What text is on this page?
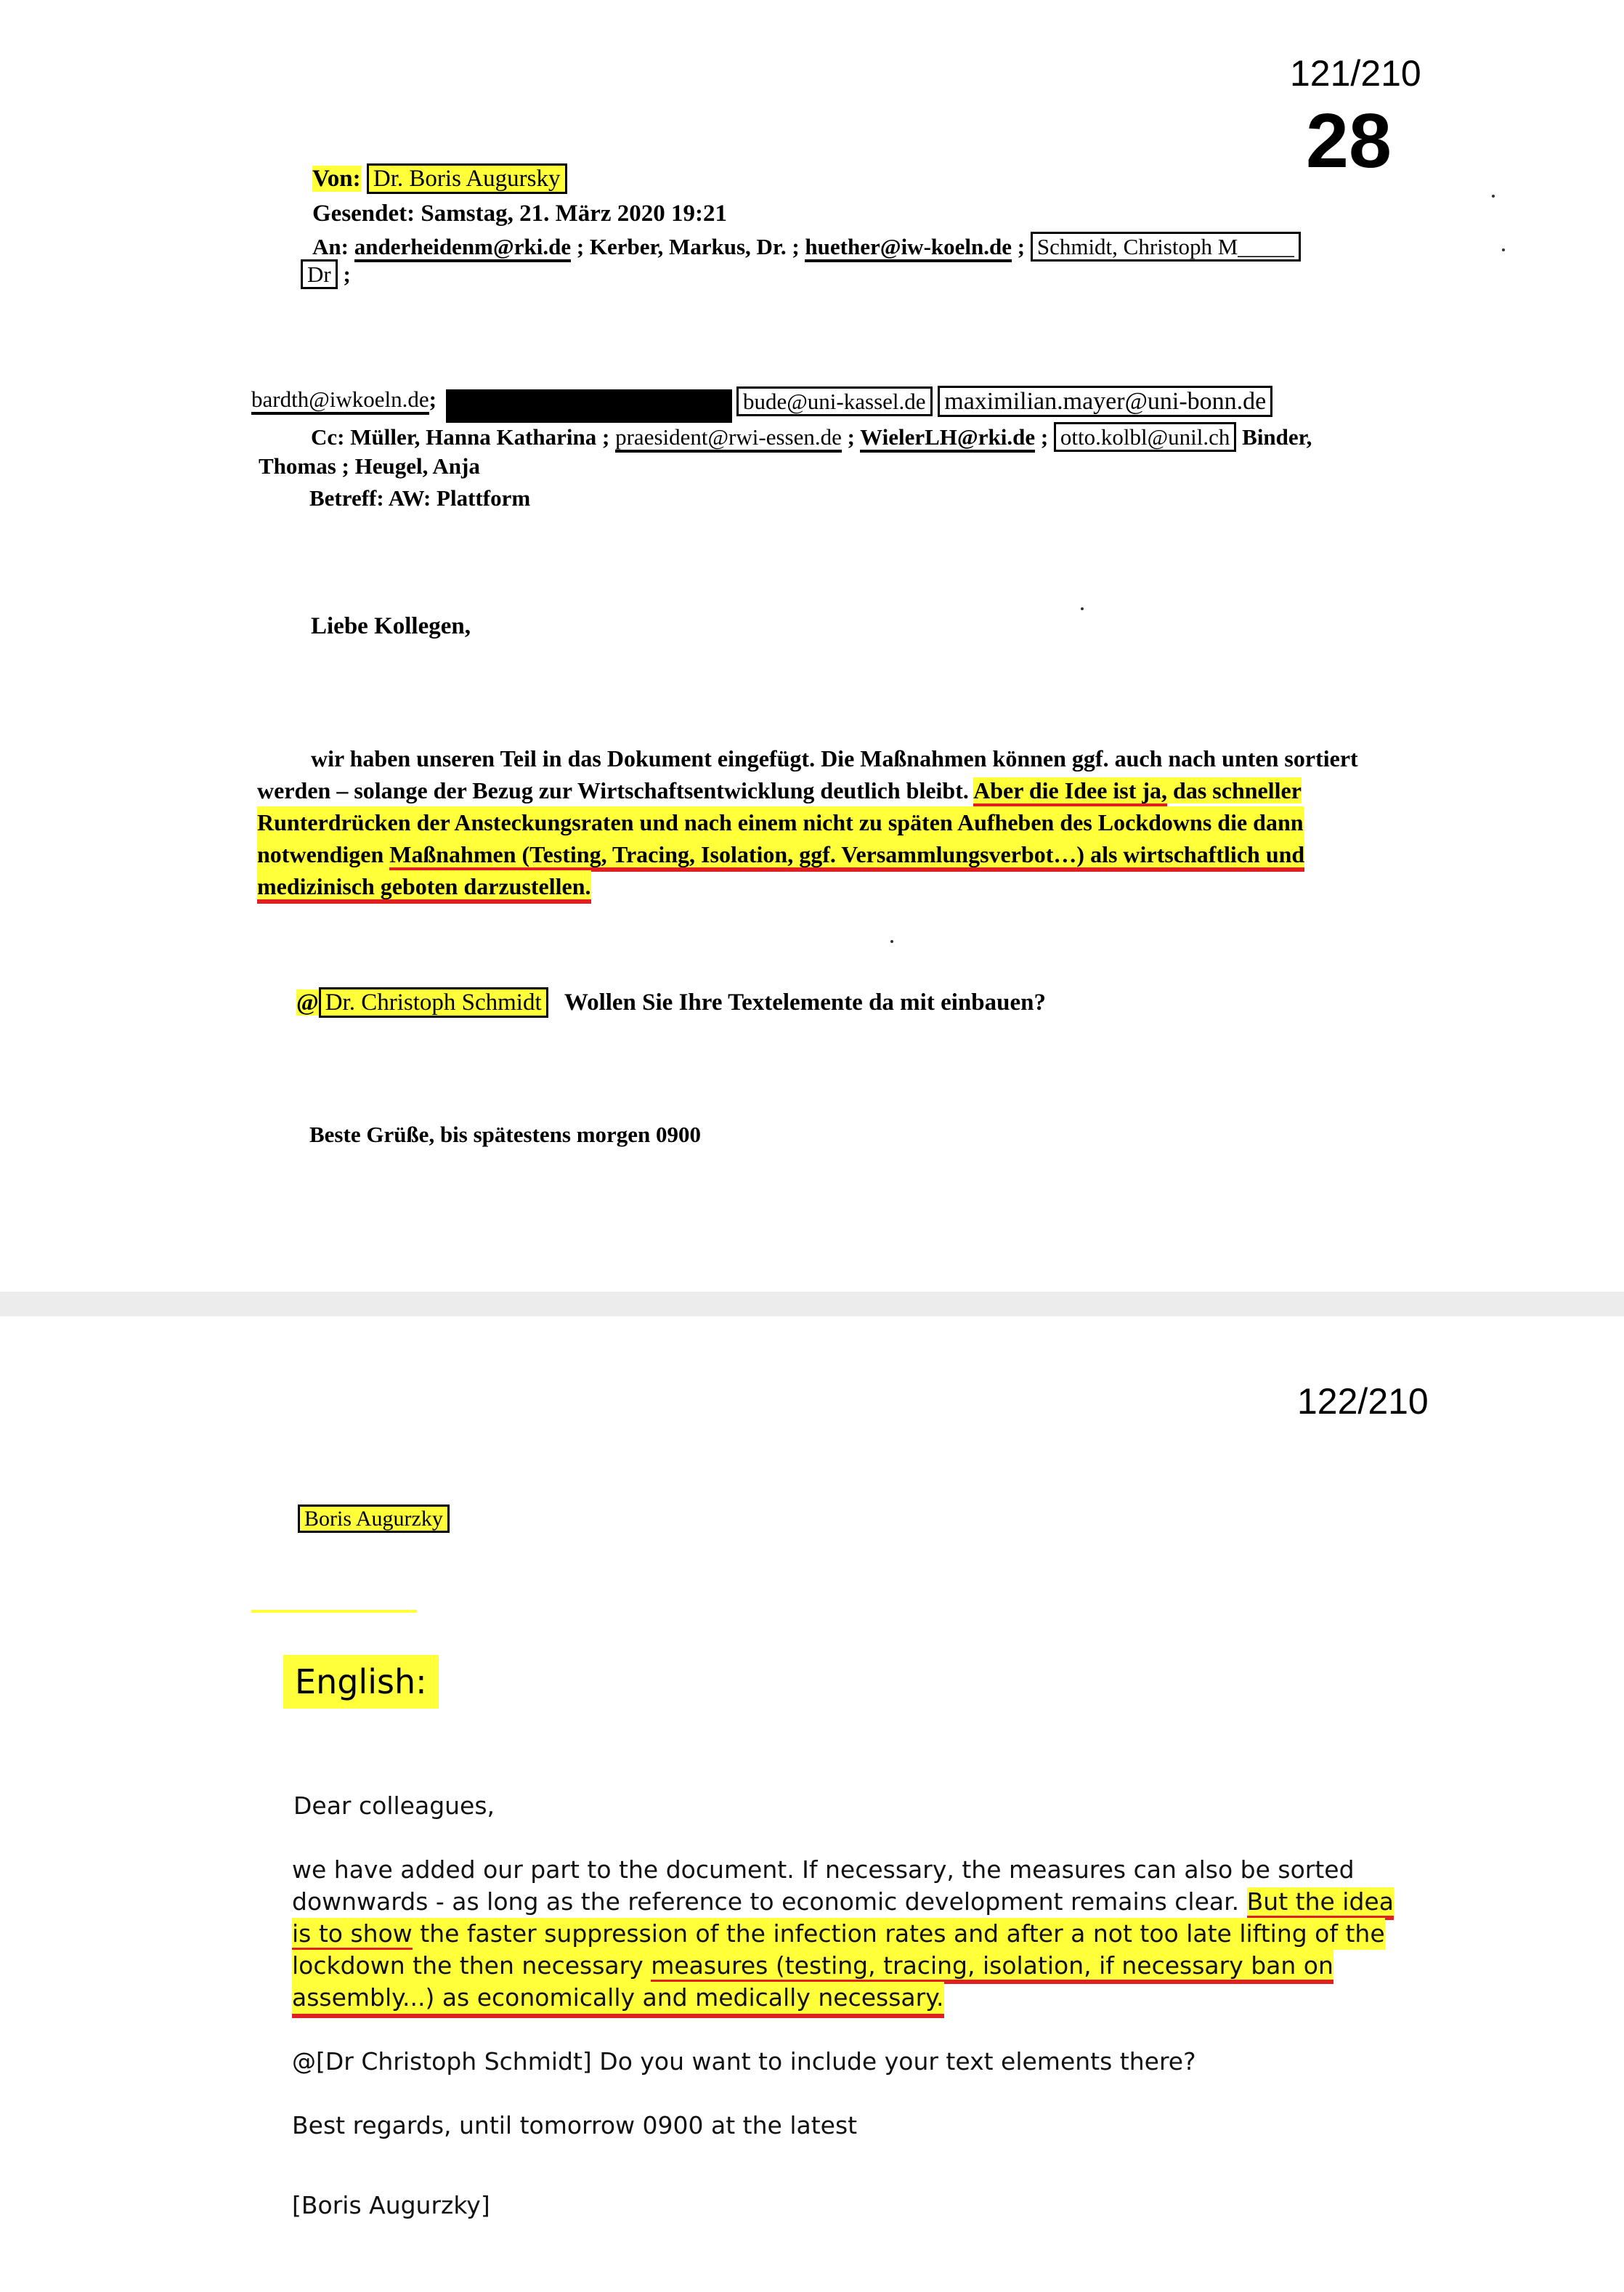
121/210
28
Von: Dr. Boris Augursky
Gesendet: Samstag, 21. März 2020 19:21
An: anderheidenm@rki.de ; Kerber, Markus, Dr. ; huether@iw-koeln.de ; Schmidt, Christoph M_____
Dr ;
bardth@iwkoeln.de;	bude@uni-kassel.de maximilian.mayer@uni-bonn.de
Cc: Müller, Hanna Katharina ; praesident@rwi-essen.de ; WielerLH@rki.de ; otto.kolbl@unil.ch Binder,
Thomas ; Heugel, Anja
Betreff: AW: Plattform
Liebe Kollegen,
wir haben unseren Teil in das Dokument eingefügt. Die Maßnahmen können ggf. auch nach unten sortiert
werden – solange der Bezug zur Wirtschaftsentwicklung deutlich bleibt. Aber die Idee ist ja, das schneller
Runterdrücken der Ansteckungsraten und nach einem nicht zu späten Aufheben des Lockdowns die dann notwendigen Maßnahmen (Testing, Tracing, Isolation, ggf. Versammlungsverbot…) als wirtschaftlich und medizinisch geboten darzustellen.
@ Dr. Christoph Schmidt Wollen Sie Ihre Textelemente da mit einbauen?
Beste Grüße, bis spätestens morgen 0900
122/210
Boris Augurzky
English:
Dear colleagues,
we have added our part to the document. If necessary, the measures can also be sorted
downwards - as long as the reference to economic development remains clear. But the idea
is to show the faster suppression of the infection rates and after a not too late lifting of the lockdown the then necessary measures (testing, tracing, isolation, if necessary ban on assembly...) as economically and medically necessary.
@[Dr Christoph Schmidt] Do you want to include your text elements there?
Best regards, until tomorrow 0900 at the latest
[Boris Augurzky]
